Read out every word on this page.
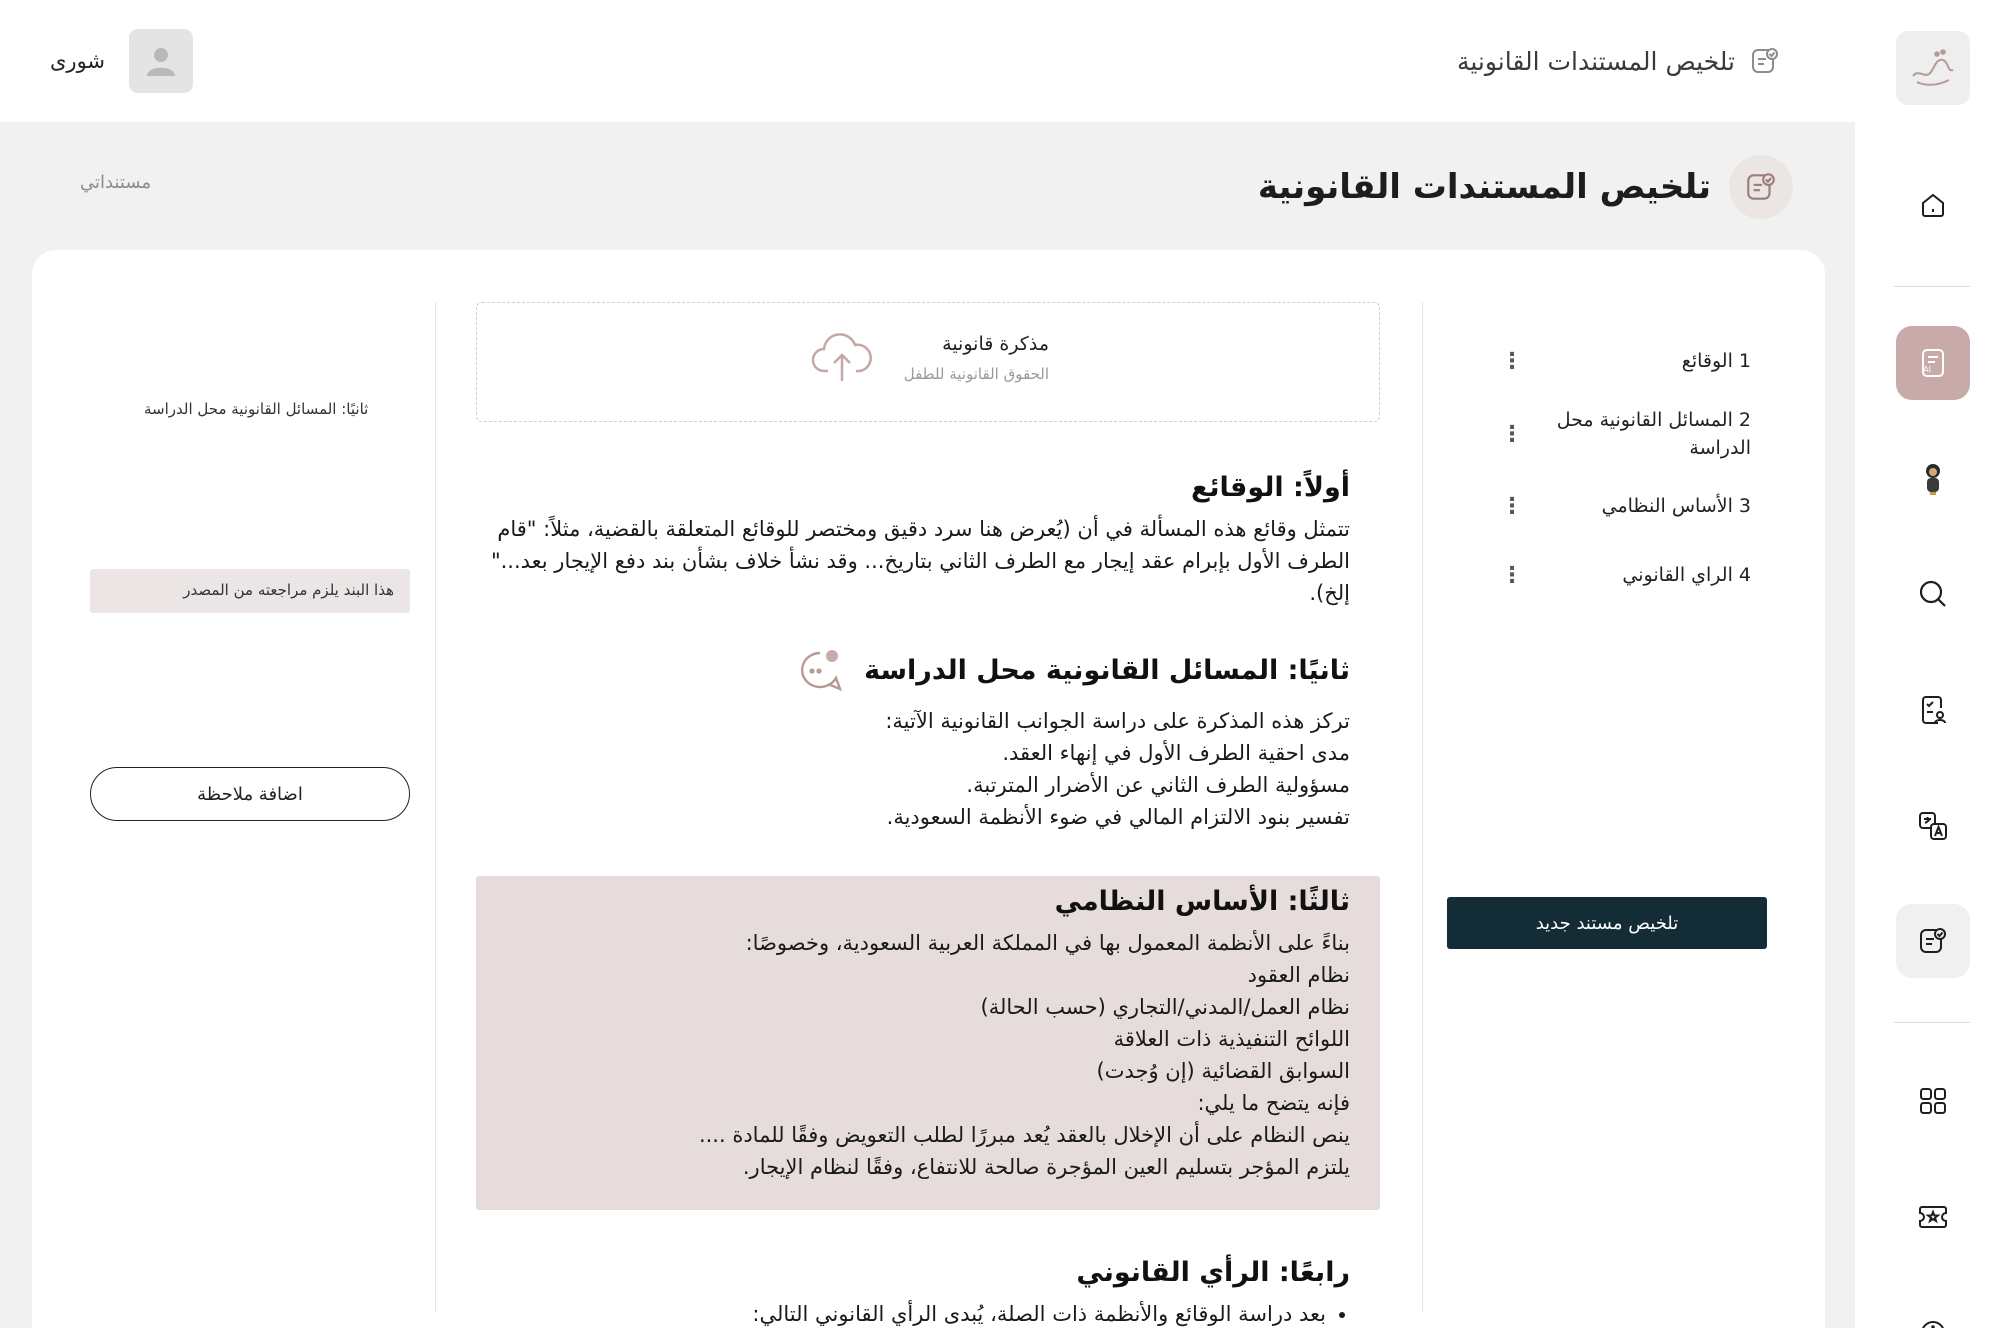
تلخيص المستندات القانونية
شورى
AI
تلخيص المستندات القانونية
مستنداتي
1 الوقائع
⋮
2 المسائل القانونية محل الدراسة
⋮
3 الأساس النظامي
⋮
4 الراي القانوني
⋮
تلخيص مستند جديد
مذكرة قانونية
الحقوق القانونية للطفل
أولاً: الوقائع

تتمثل وقائع هذه المسألة في أن (يُعرض هنا سرد دقيق ومختصر للوقائع المتعلقة بالقضية، مثلاً: "قام الطرف الأول بإبرام عقد إيجار مع الطرف الثاني بتاريخ... وقد نشأ خلاف بشأن بند دفع الإيجار بعد..." إلخ).

ثانيًا: المسائل القانونية محل الدراسة
تركز هذه المذكرة على دراسة الجوانب القانونية الآتية:
مدى احقية الطرف الأول في إنهاء العقد.
مسؤولية الطرف الثاني عن الأضرار المترتبة.
تفسير بنود الالتزام المالي في ضوء الأنظمة السعودية.
ثالثًا: الأساس النظامي
بناءً على الأنظمة المعمول بها في المملكة العربية السعودية، وخصوصًا:
نظام العقود
نظام العمل/المدني/التجاري (حسب الحالة)
اللوائح التنفيذية ذات العلاقة
السوابق القضائية (إن وُجدت)
فإنه يتضح ما يلي:
ينص النظام على أن الإخلال بالعقد يُعد مبررًا لطلب التعويض وفقًا للمادة ....
يلتزم المؤجر بتسليم العين المؤجرة صالحة للانتفاع، وفقًا لنظام الإيجار.
رابعًا: الرأي القانوني
• بعد دراسة الوقائع والأنظمة ذات الصلة، يُبدى الرأي القانوني التالي:
ثانيًا: المسائل القانونية محل الدراسة
هذا البند يلزم مراجعته من المصدر
اضافة ملاحظة
